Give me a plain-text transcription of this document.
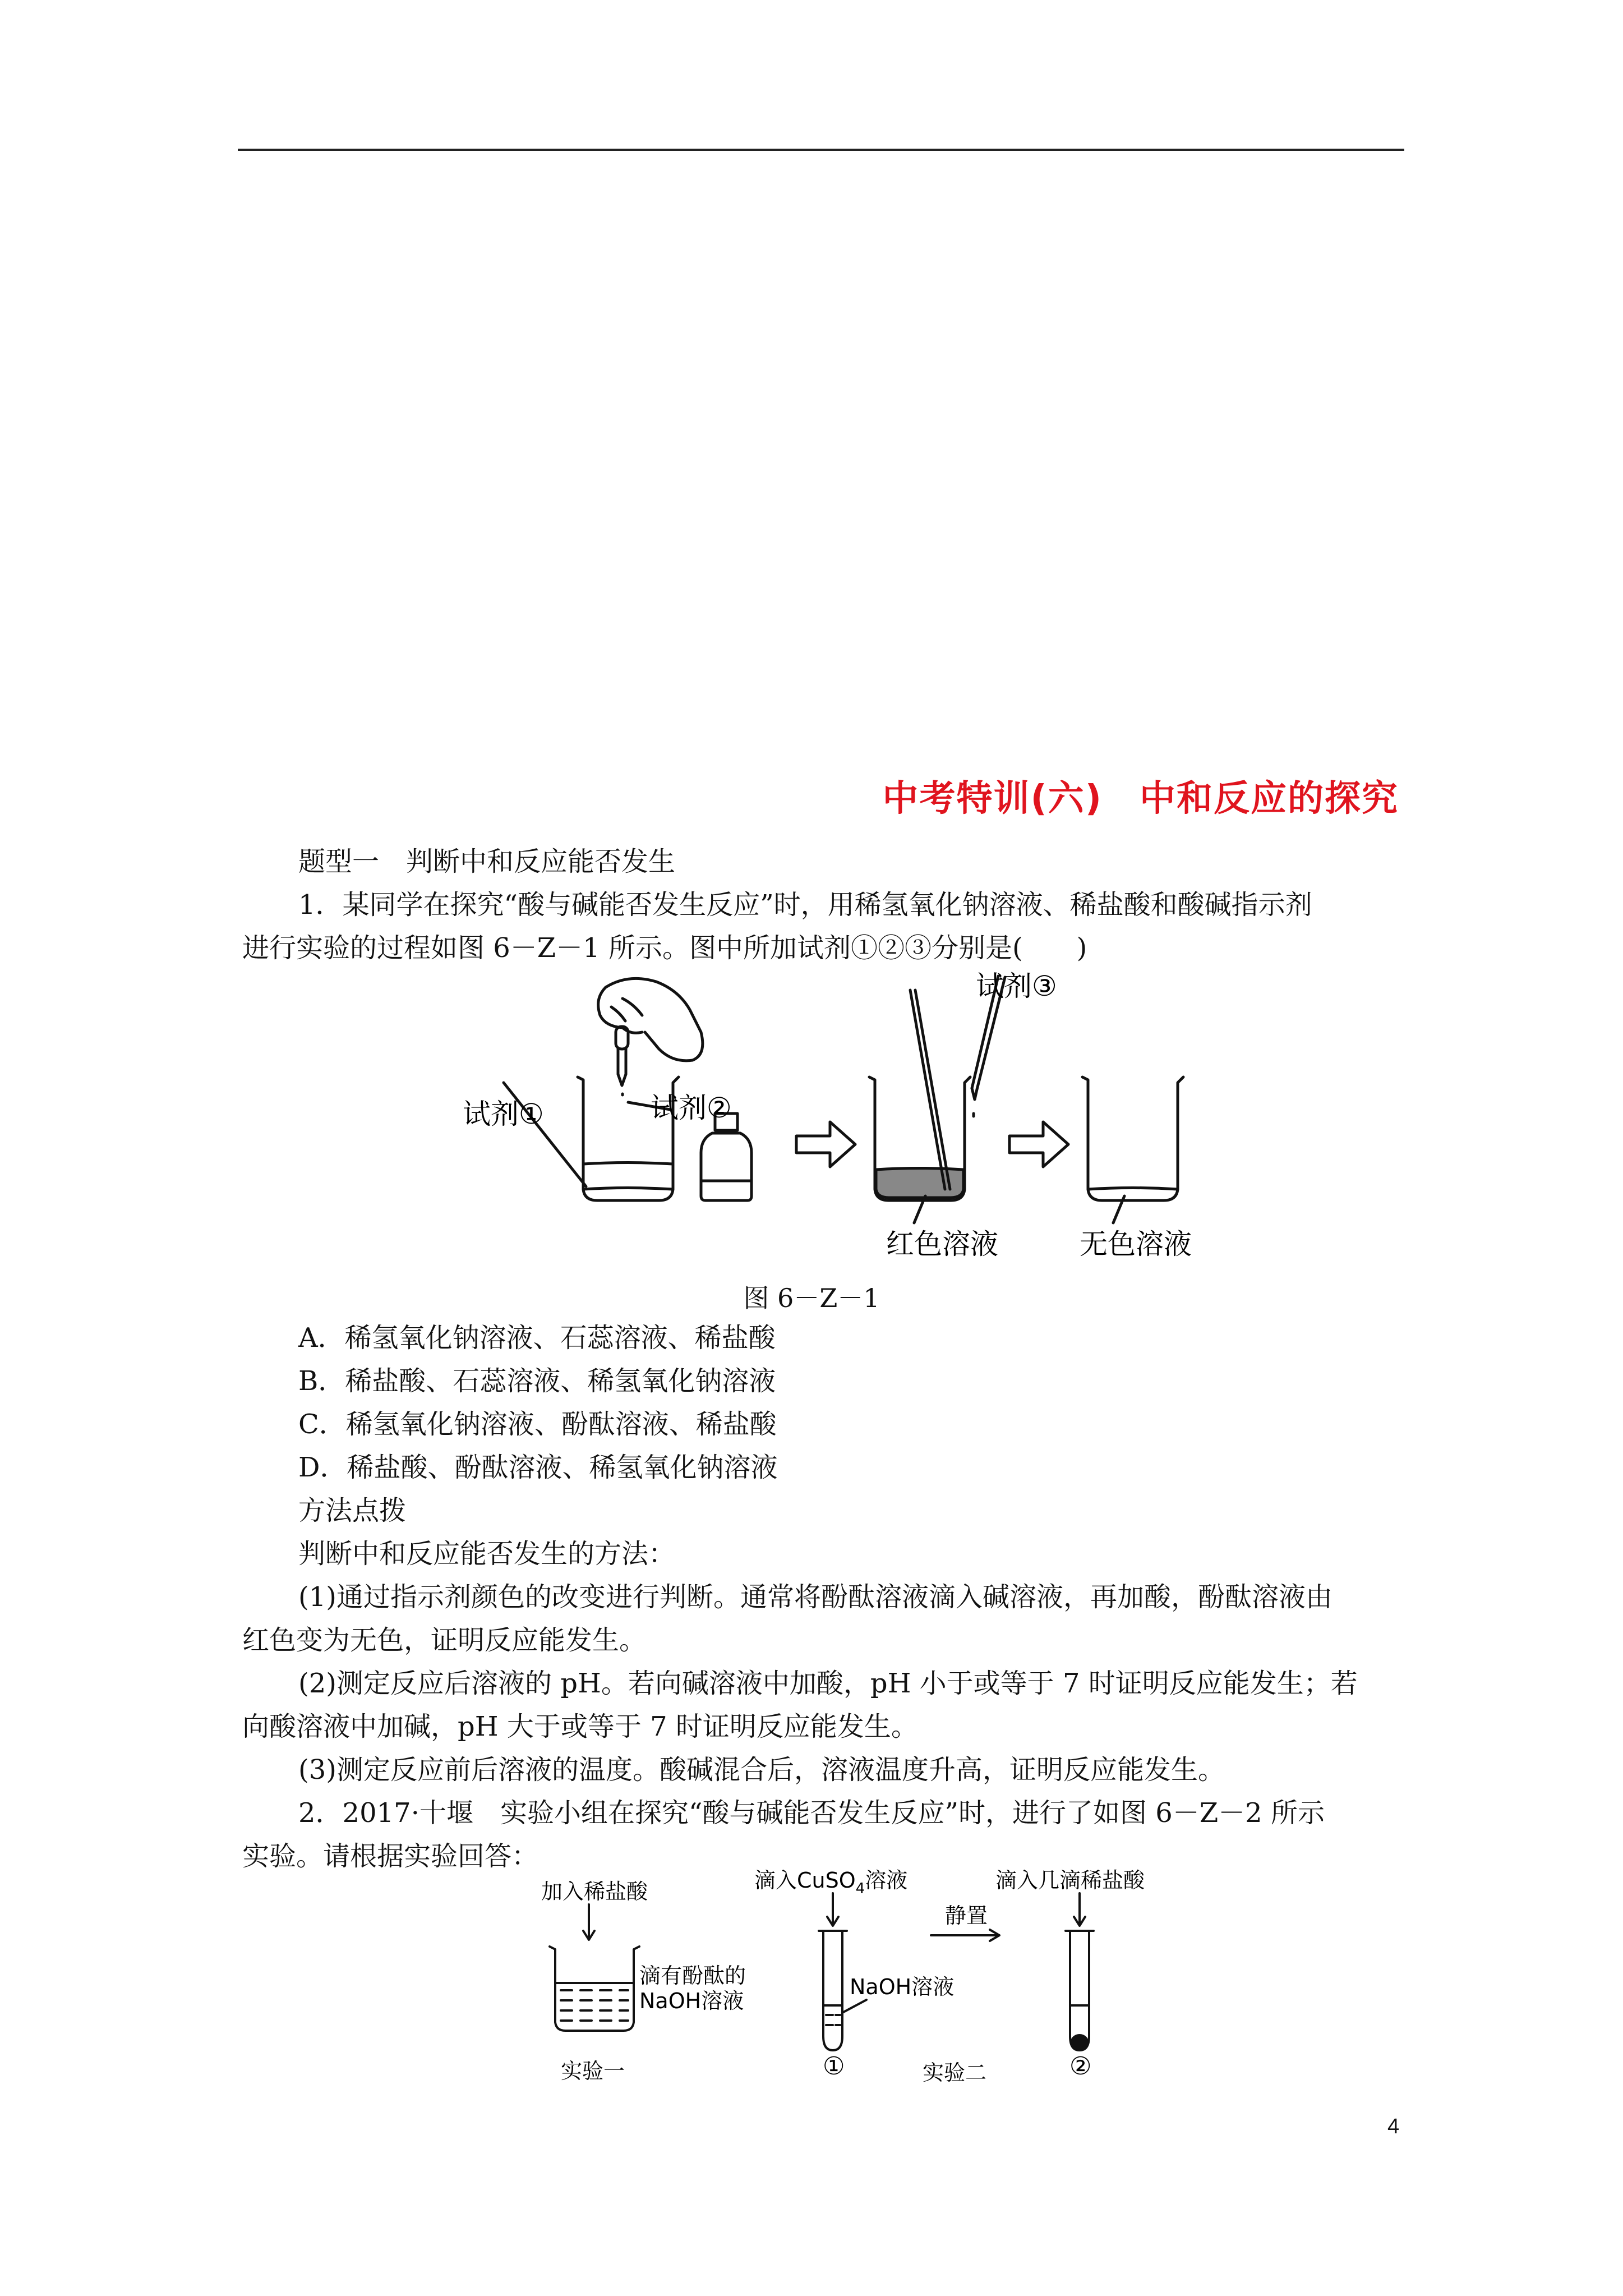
中考特训(六)　中和反应的探究
题型一　判断中和反应能否发生
1．某同学在探究“酸与碱能否发生反应”时，用稀氢氧化钠溶液、稀盐酸和酸碱指示剂
进行实验的过程如图 6－Z－1 所示。图中所加试剂①②③分别是(　　)
试剂①	试剂②
试剂③
红色溶液	无色溶液
图 6－Z－1
A．稀氢氧化钠溶液、石蕊溶液、稀盐酸
B．稀盐酸、石蕊溶液、稀氢氧化钠溶液
C．稀氢氧化钠溶液、酚酞溶液、稀盐酸
D．稀盐酸、酚酞溶液、稀氢氧化钠溶液
方法点拨
判断中和反应能否发生的方法：
(1)通过指示剂颜色的改变进行判断。通常将酚酞溶液滴入碱溶液，再加酸，酚酞溶液由
红色变为无色，证明反应能发生。
(2)测定反应后溶液的 pH。若向碱溶液中加酸，pH 小于或等于 7 时证明反应能发生；若
向酸溶液中加碱，pH 大于或等于 7 时证明反应能发生。
(3)测定反应前后溶液的温度。酸碱混合后，溶液温度升高，证明反应能发生。
2．2017·十堰　实验小组在探究“酸与碱能否发生反应”时，进行了如图 6－Z－2 所示
实验。请根据实验回答：
加入稀盐酸
滴有酚酞的
NaOH溶液
实验一
滴入CuSO$_4$溶液
NaOH溶液
①
静置
滴入几滴稀盐酸
②
实验二
4
